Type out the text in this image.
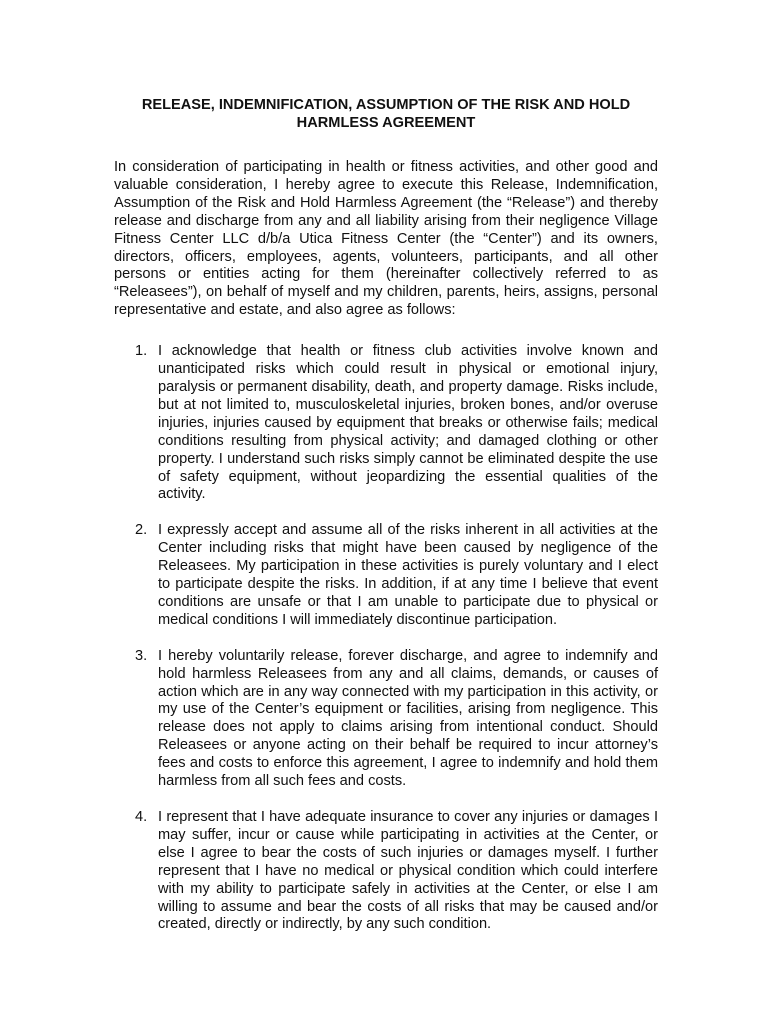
RELEASE, INDEMNIFICATION, ASSUMPTION OF THE RISK AND HOLD
HARMLESS AGREEMENT

In consideration of participating in health or fitness activities, and other good and valuable consideration, I hereby agree to execute this Release, Indemnification, Assumption of the Risk and Hold Harmless Agreement (the “Release”) and thereby release and discharge from any and all liability arising from their negligence Village Fitness Center LLC d/b/a Utica Fitness Center (the “Center”) and its owners, directors, officers, employees, agents, volunteers, participants, and all other persons or entities acting for them (hereinafter collectively referred to as “Releasees”), on behalf of myself and my children, parents, heirs, assigns, personal representative and estate, and also agree as follows:

1. I acknowledge that health or fitness club activities involve known and unanticipated risks which could result in physical or emotional injury, paralysis or permanent disability, death, and property damage. Risks include, but at not limited to, musculoskeletal injuries, broken bones, and/or overuse injuries, injuries caused by equipment that breaks or otherwise fails; medical conditions resulting from physical activity; and damaged clothing or other property. I understand such risks simply cannot be eliminated despite the use of safety equipment, without jeopardizing the essential qualities of the activity.
2. I expressly accept and assume all of the risks inherent in all activities at the Center including risks that might have been caused by negligence of the Releasees. My participation in these activities is purely voluntary and I elect to participate despite the risks. In addition, if at any time I believe that event conditions are unsafe or that I am unable to participate due to physical or medical conditions I will immediately discontinue participation.
3. I hereby voluntarily release, forever discharge, and agree to indemnify and hold harmless Releasees from any and all claims, demands, or causes of action which are in any way connected with my participation in this activity, or my use of the Center’s equipment or facilities, arising from negligence. This release does not apply to claims arising from intentional conduct. Should Releasees or anyone acting on their behalf be required to incur attorney’s fees and costs to enforce this agreement, I agree to indemnify and hold them harmless from all such fees and costs.
4. I represent that I have adequate insurance to cover any injuries or damages I may suffer, incur or cause while participating in activities at the Center, or else I agree to bear the costs of such injuries or damages myself. I further represent that I have no medical or physical condition which could interfere with my ability to participate safely in activities at the Center, or else I am willing to assume and bear the costs of all risks that may be caused and/or created, directly or indirectly, by any such condition.
